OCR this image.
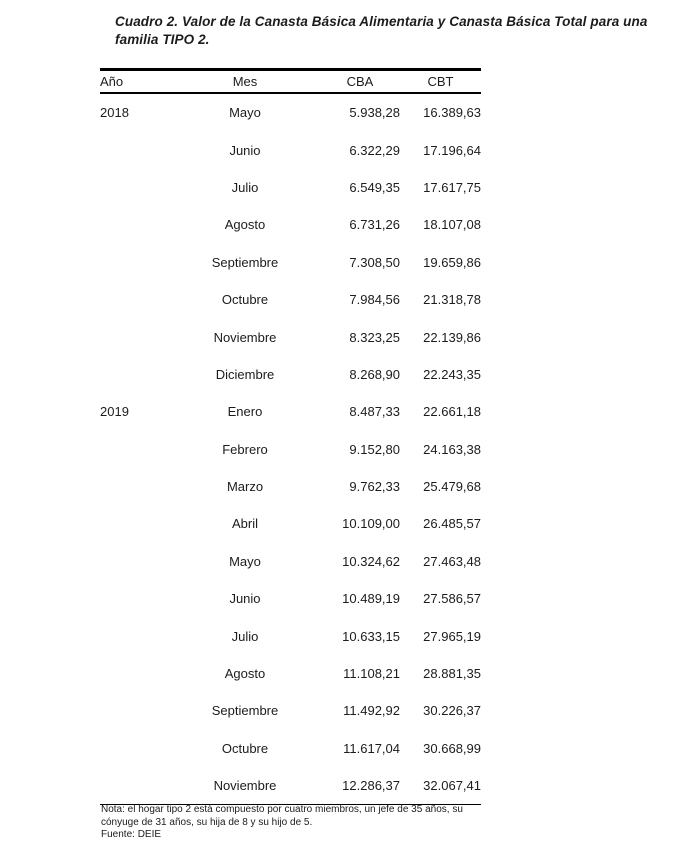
Cuadro 2. Valor de la Canasta Básica Alimentaria y Canasta Básica Total para una familia TIPO 2.
Año	Mes	CBA	CBT
2018	Mayo	5.938,28	16.389,63
	Junio	6.322,29	17.196,64
	Julio	6.549,35	17.617,75
	Agosto	6.731,26	18.107,08
	Septiembre	7.308,50	19.659,86
	Octubre	7.984,56	21.318,78
	Noviembre	8.323,25	22.139,86
	Diciembre	8.268,90	22.243,35
2019	Enero	8.487,33	22.661,18
	Febrero	9.152,80	24.163,38
	Marzo	9.762,33	25.479,68
	Abril	10.109,00	26.485,57
	Mayo	10.324,62	27.463,48
	Junio	10.489,19	27.586,57
	Julio	10.633,15	27.965,19
	Agosto	11.108,21	28.881,35
	Septiembre	11.492,92	30.226,37
	Octubre	11.617,04	30.668,99
	Noviembre	12.286,37	32.067,41
Nota: el hogar tipo 2 está compuesto por cuatro miembros, un jefe de 35 años, su cónyuge de 31 años, su hija de 8 y su hijo de 5.
Fuente: DEIE
